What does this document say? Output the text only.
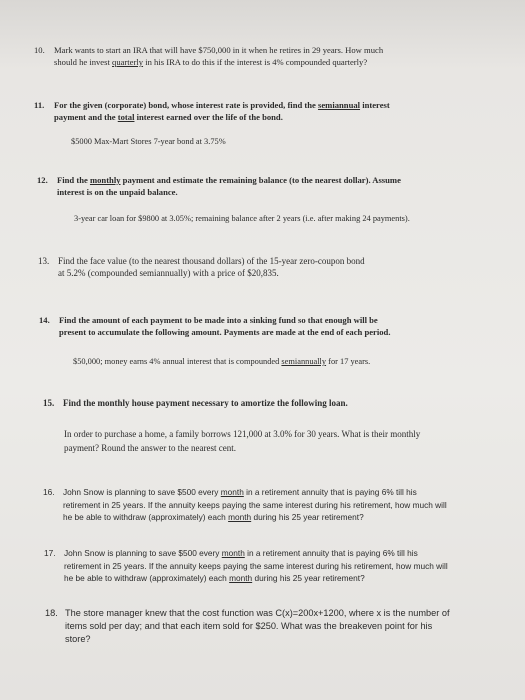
10. Mark wants to start an IRA that will have $750,000 in it when he retires in 29 years. How much
should he invest quarterly in his IRA to do this if the interest is 4% compounded quarterly?
11. For the given (corporate) bond, whose interest rate is provided, find the semiannual interest
payment and the total interest earned over the life of the bond.
$5000 Max-Mart Stores 7-year bond at 3.75%
12. Find the monthly payment and estimate the remaining balance (to the nearest dollar). Assume
interest is on the unpaid balance.
3-year car loan for $9800 at 3.05%; remaining balance after 2 years (i.e. after making 24 payments).
13. Find the face value (to the nearest thousand dollars) of the 15-year zero-coupon bond
at 5.2% (compounded semiannually) with a price of $20,835.
14. Find the amount of each payment to be made into a sinking fund so that enough will be
present to accumulate the following amount. Payments are made at the end of each period.
$50,000; money earns 4% annual interest that is compounded semiannually for 17 years.
15. Find the monthly house payment necessary to amortize the following loan.
In order to purchase a home, a family borrows 121,000 at 3.0% for 30 years. What is their monthly
payment? Round the answer to the nearest cent.
16. John Snow is planning to save $500 every month in a retirement annuity that is paying 6% till his
retirement in 25 years. If the annuity keeps paying the same interest during his retirement, how much will
he be able to withdraw (approximately) each month during his 25 year retirement?
17. John Snow is planning to save $500 every month in a retirement annuity that is paying 6% till his
retirement in 25 years. If the annuity keeps paying the same interest during his retirement, how much will
he be able to withdraw (approximately) each month during his 25 year retirement?
18. The store manager knew that the cost function was C(x)=200x+1200, where x is the number of
items sold per day; and that each item sold for $250. What was the breakeven point for his
store?
